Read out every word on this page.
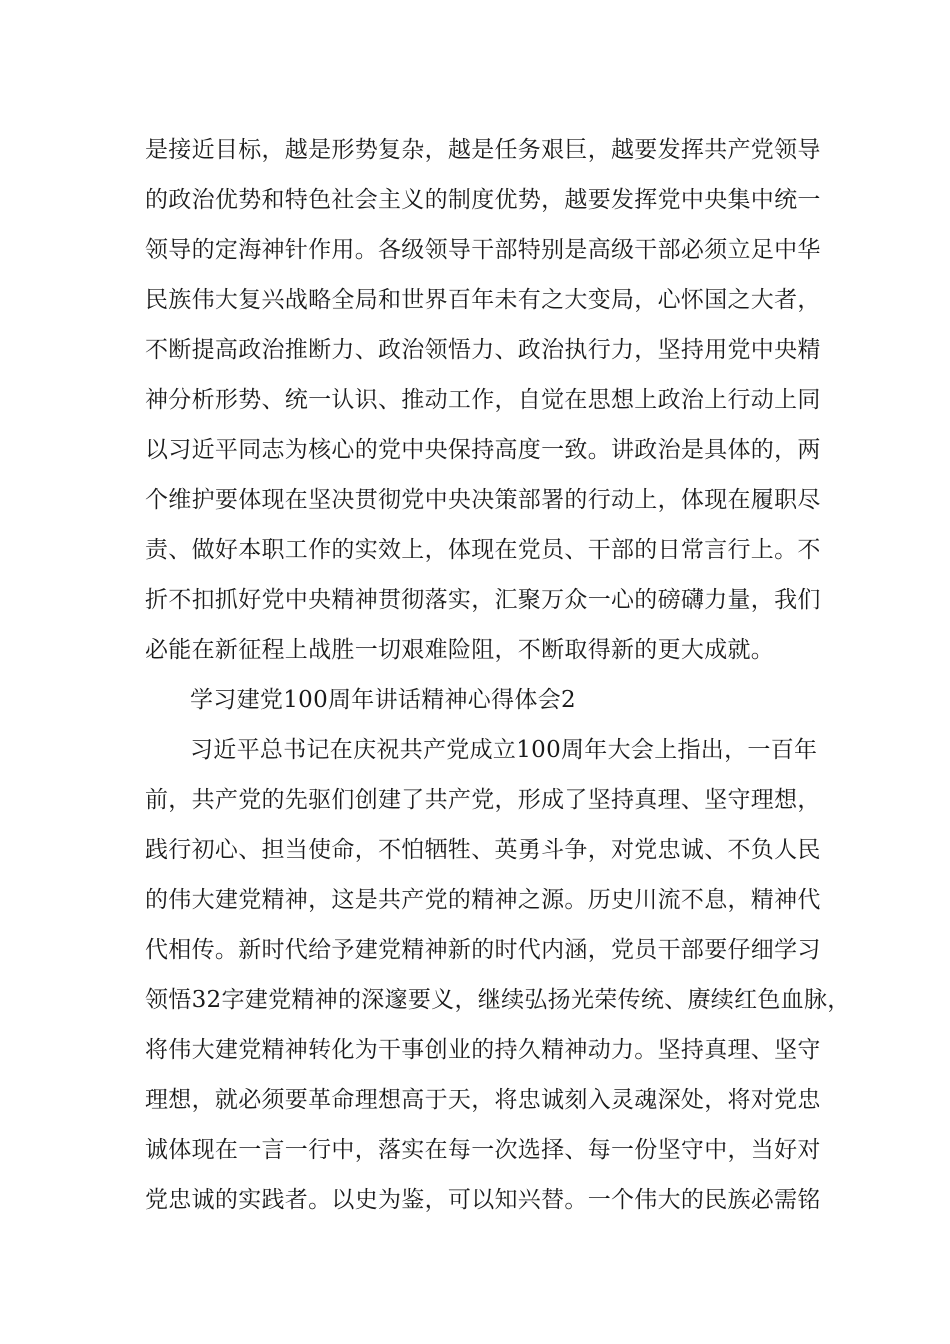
是接近目标，越是形势复杂，越是任务艰巨，越要发挥共产党领导
的政治优势和特色社会主义的制度优势，越要发挥党中央集中统一
领导的定海神针作用。各级领导干部特别是高级干部必须立足中华
民族伟大复兴战略全局和世界百年未有之大变局，心怀国之大者，
不断提高政治推断力、政治领悟力、政治执行力，坚持用党中央精
神分析形势、统一认识、推动工作，自觉在思想上政治上行动上同
以习近平同志为核心的党中央保持高度一致。讲政治是具体的，两
个维护要体现在坚决贯彻党中央决策部署的行动上，体现在履职尽
责、做好本职工作的实效上，体现在党员、干部的日常言行上。不
折不扣抓好党中央精神贯彻落实，汇聚万众一心的磅礴力量，我们
必能在新征程上战胜一切艰难险阻，不断取得新的更大成就。
学习建党100周年讲话精神心得体会2
习近平总书记在庆祝共产党成立100周年大会上指出，一百年
前，共产党的先驱们创建了共产党，形成了坚持真理、坚守理想，
践行初心、担当使命，不怕牺牲、英勇斗争，对党忠诚、不负人民
的伟大建党精神，这是共产党的精神之源。历史川流不息，精神代
代相传。新时代给予建党精神新的时代内涵，党员干部要仔细学习
领悟32字建党精神的深邃要义，继续弘扬光荣传统、赓续红色血脉，
将伟大建党精神转化为干事创业的持久精神动力。坚持真理、坚守
理想，就必须要革命理想高于天，将忠诚刻入灵魂深处，将对党忠
诚体现在一言一行中，落实在每一次选择、每一份坚守中，当好对
党忠诚的实践者。以史为鉴，可以知兴替。一个伟大的民族必需铭
